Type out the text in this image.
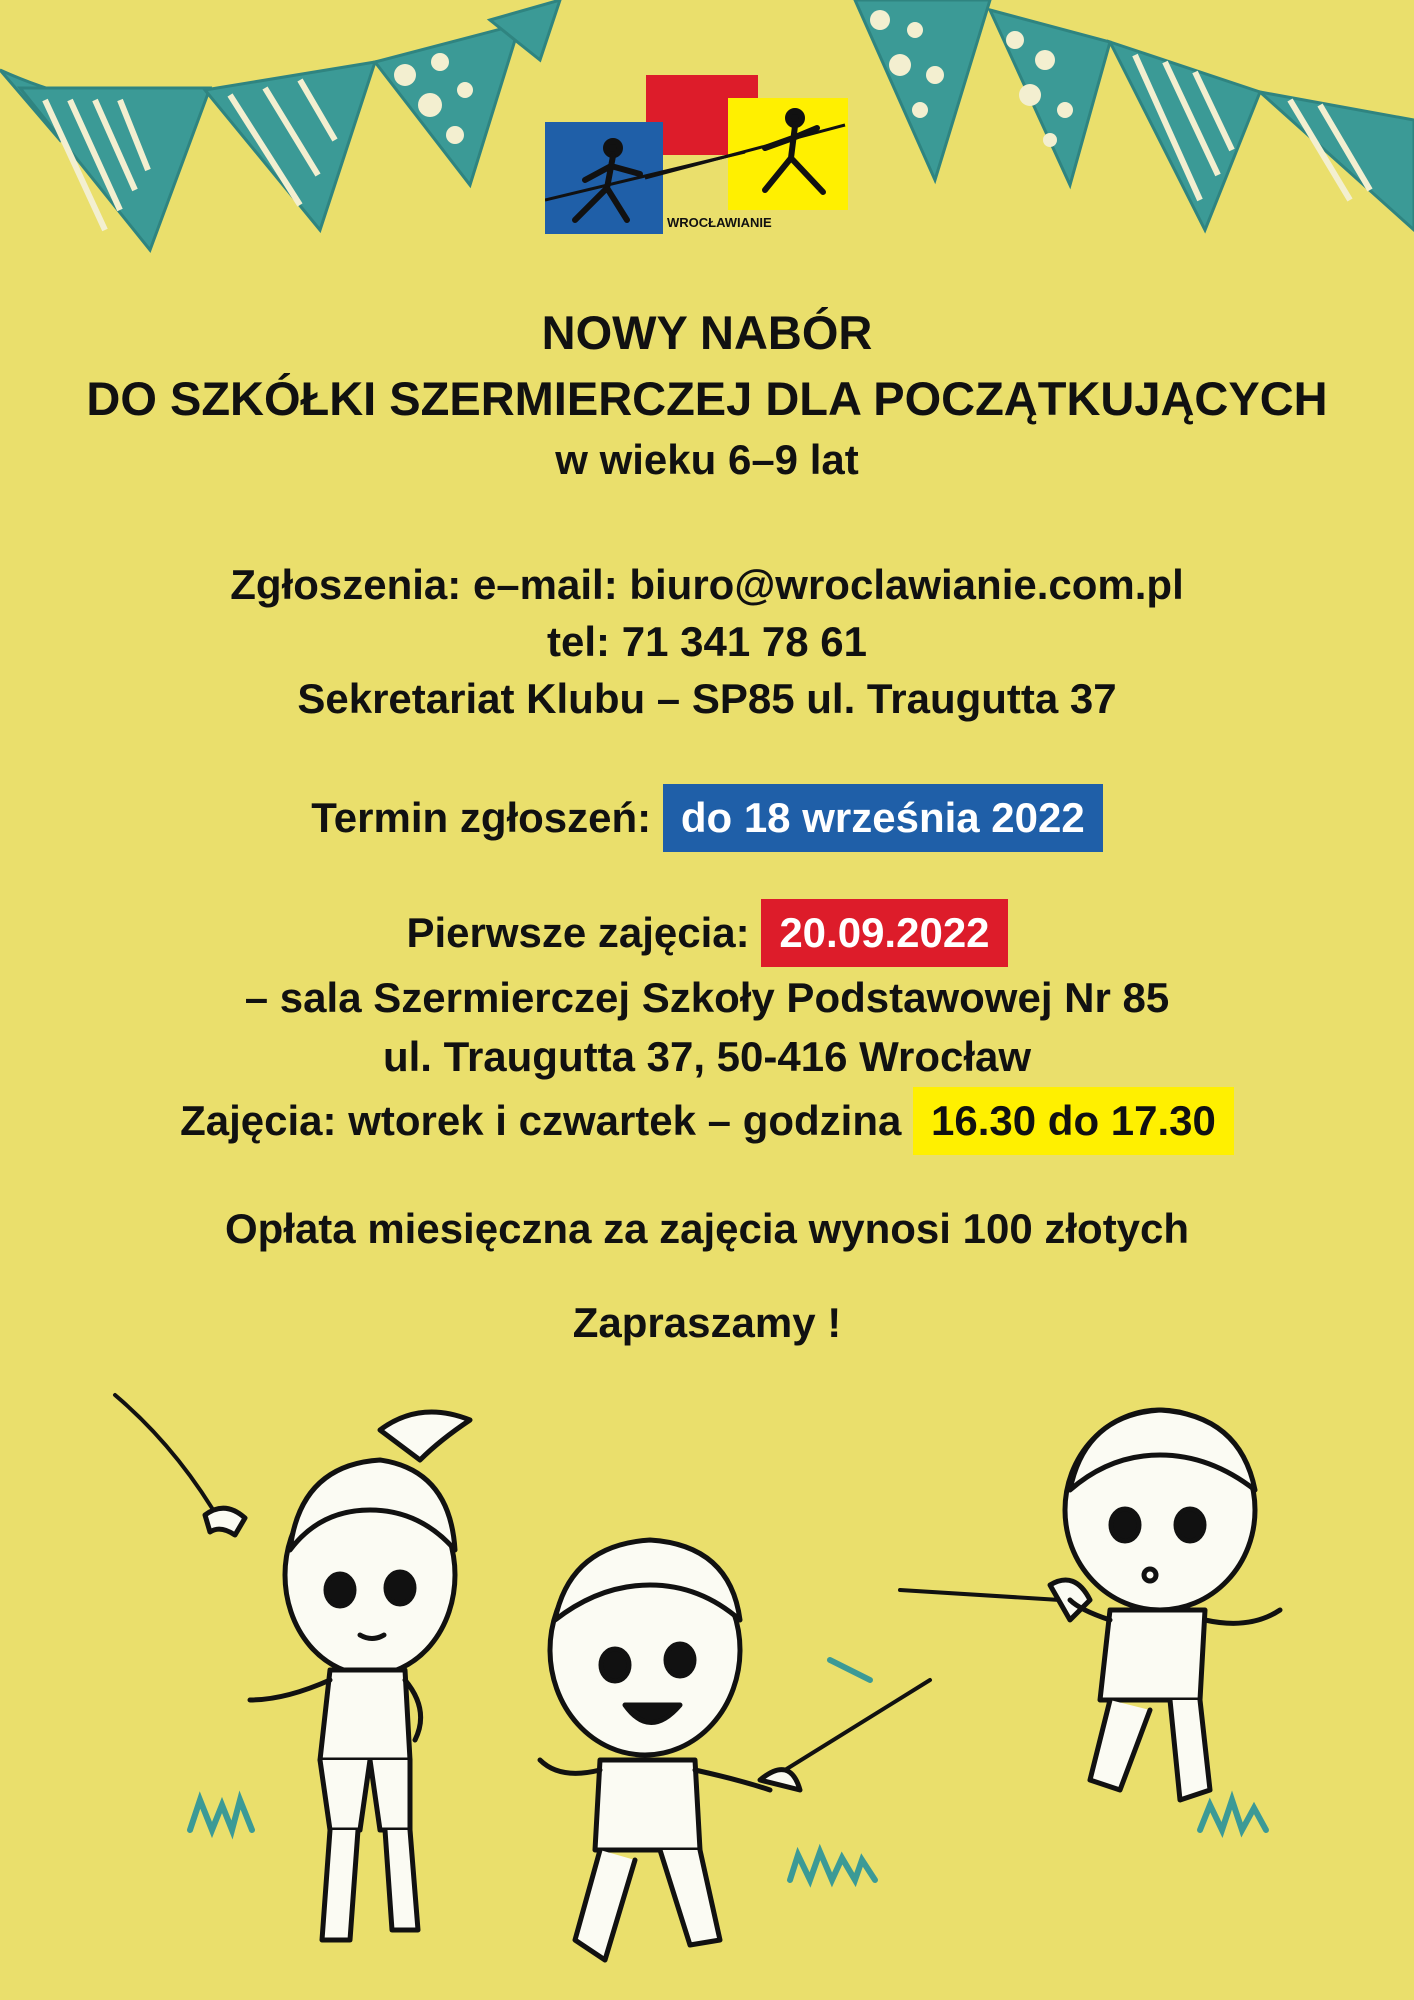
WROCŁAWIANIE
NOWY NABÓR
DO SZKÓŁKI SZERMIERCZEJ DLA POCZĄTKUJĄCYCH
w wieku 6–9 lat
Zgłoszenia: e–mail: biuro@wroclawianie.com.pl
tel: 71 341 78 61
Sekretariat Klubu – SP85 ul. Traugutta 37
Termin zgłoszeń: do 18 września 2022
Pierwsze zajęcia: 20.09.2022
– sala Szermierczej Szkoły Podstawowej Nr 85
ul. Traugutta 37, 50-416 Wrocław
Zajęcia: wtorek i czwartek – godzina 16.30 do 17.30
Opłata miesięczna za zajęcia wynosi 100 złotych
Zapraszamy !
